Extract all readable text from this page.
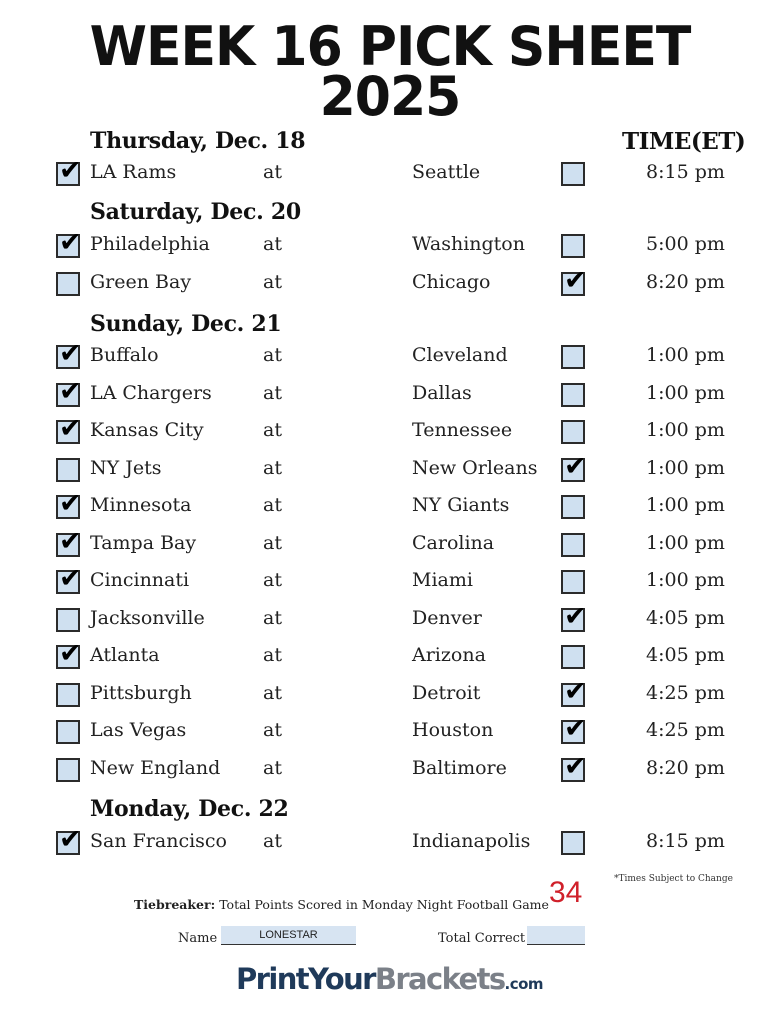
WEEK 16 PICK SHEET
2025
TIME(ET)
Thursday, Dec. 18
✔ LA Rams	at	Seattle	8:15 pm
Saturday, Dec. 20
✔ Philadelphia	at	Washington	5:00 pm
Green Bay	at	Chicago	✔	8:20 pm
Sunday, Dec. 21
✔ Buffalo	at	Cleveland	1:00 pm
✔ LA Chargers	at	Dallas	1:00 pm
✔ Kansas City	at	Tennessee	1:00 pm
NY Jets	at	New Orleans ✔	1:00 pm
✔ Minnesota	at	NY Giants	1:00 pm
✔ Tampa Bay	at	Carolina	1:00 pm
✔ Cincinnati	at	Miami	1:00 pm
Jacksonville	at	Denver	✔	4:05 pm
✔ Atlanta	at	Arizona	4:05 pm
Pittsburgh	at	Detroit	✔	4:25 pm
Las Vegas	at	Houston	✔	4:25 pm
New England at	Baltimore ✔	8:20 pm
Monday, Dec. 22
✔ San Francisco at	Indianapolis	8:15 pm
*Times Subject to Change
Tiebreaker: Total Points Scored in Monday Night Football Game 34
Name	LONESTAR	Total Correct
PrintYourBrackets.com
